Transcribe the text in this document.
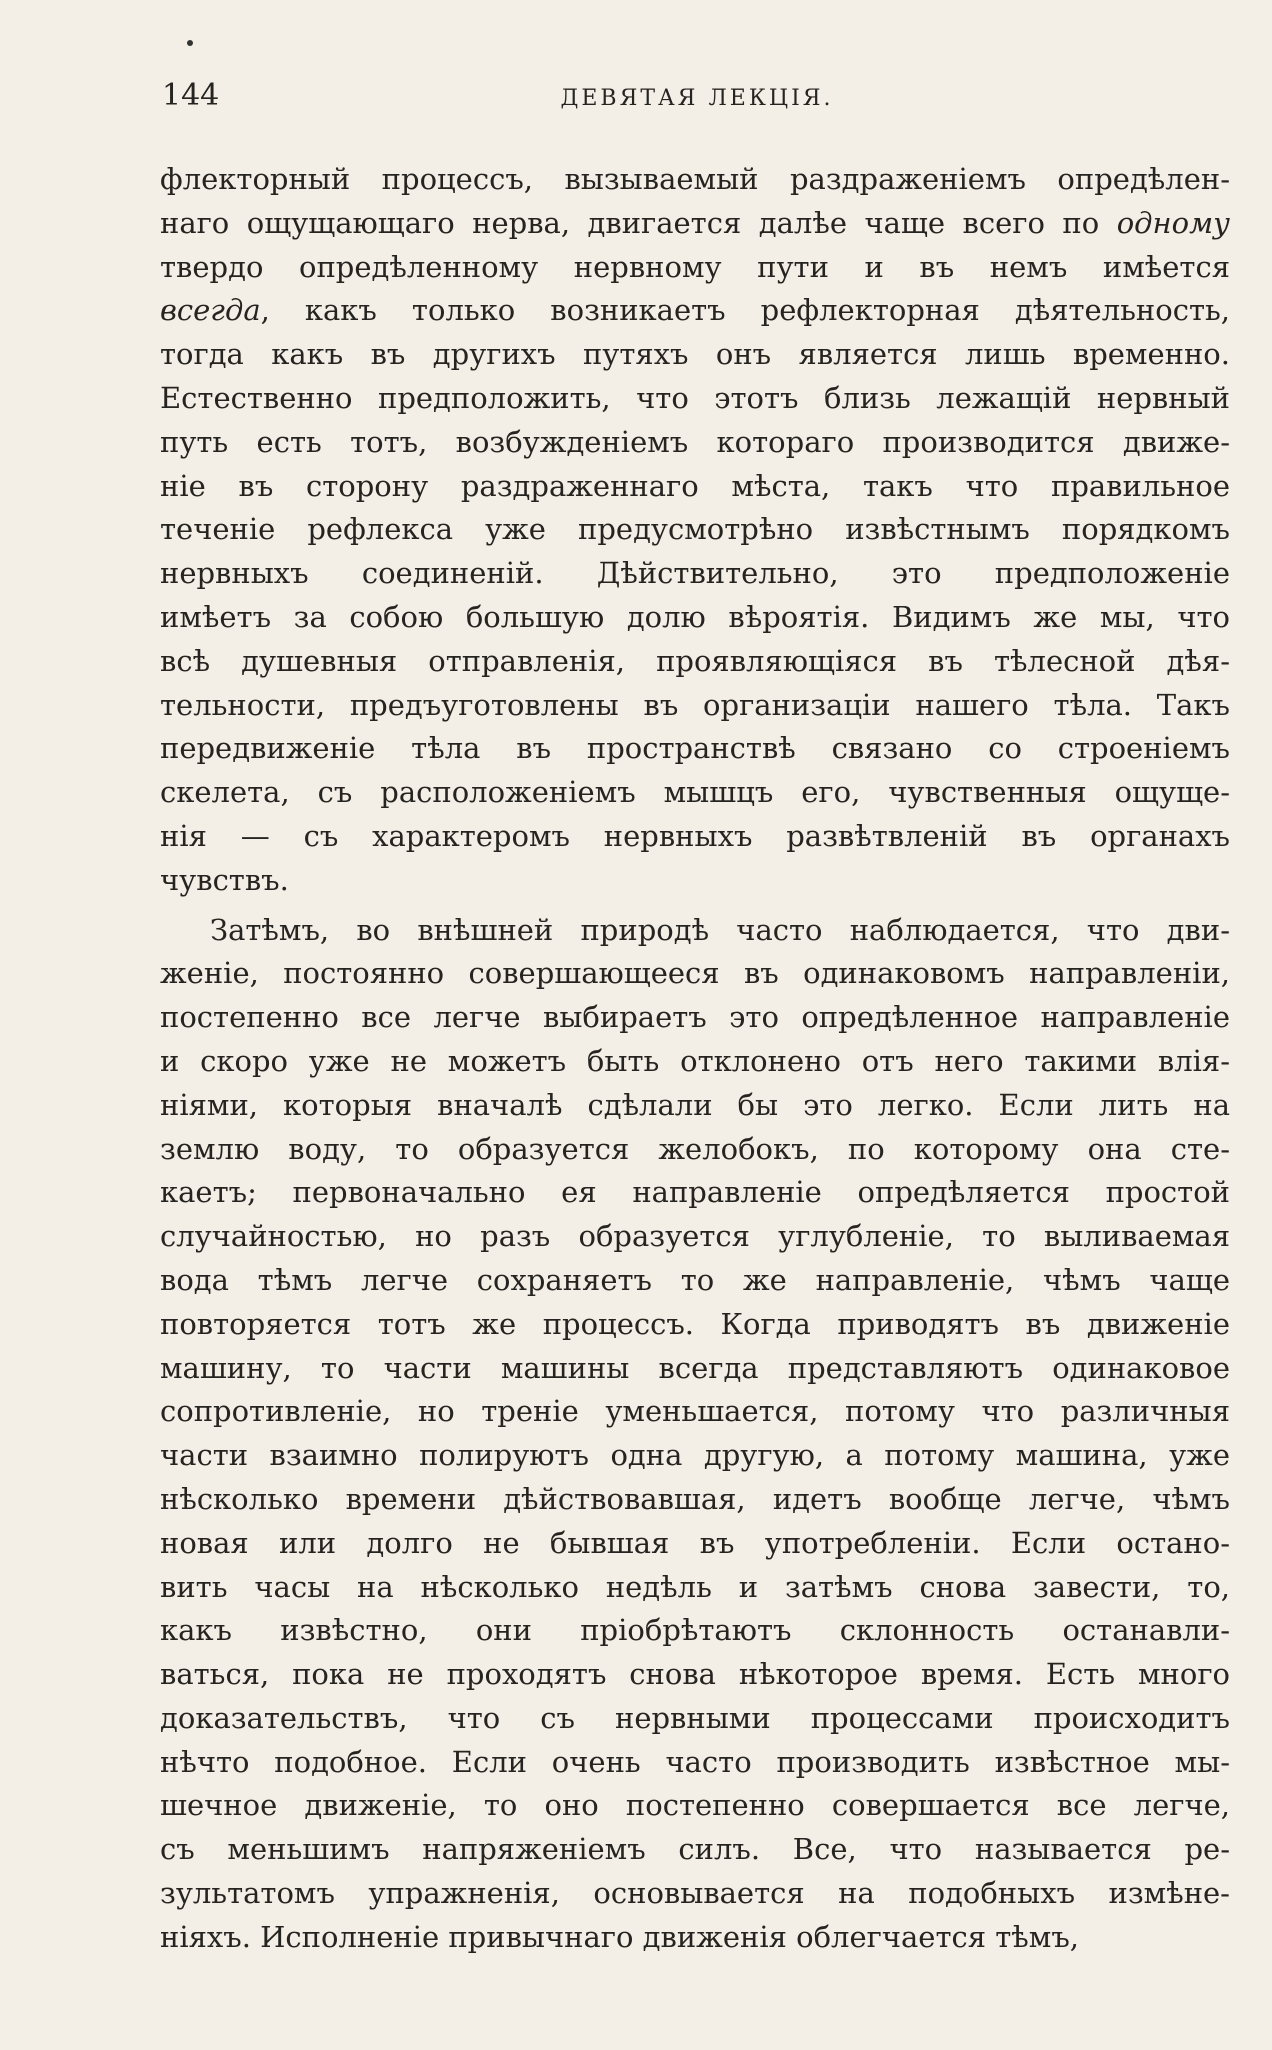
144	ДЕВЯТАЯ ЛЕКЦІЯ.
флекторный процессъ, вызываемый раздраженіемъ опредѣлен-
наго ощущающаго нерва, двигается далѣе чаще всего по одному
твердо опредѣленному нервному пути и въ немъ имѣется
всегда, какъ только возникаетъ рефлекторная дѣятельность,
тогда какъ въ другихъ путяхъ онъ является лишь временно.
Естественно предположить, что этотъ близь лежащій нервный
путь есть тотъ, возбужденіемъ котораго производится движе-
ніе въ сторону раздраженнаго мѣста, такъ что правильное
теченіе рефлекса уже предусмотрѣно извѣстнымъ порядкомъ
нервныхъ соединеній. Дѣйствительно, это предположеніе
имѣетъ за собою большую долю вѣроятія. Видимъ же мы, что
всѣ душевныя отправленія, проявляющіяся въ тѣлесной дѣя-
тельности, предъуготовлены въ организаціи нашего тѣла. Такъ
передвиженіе тѣла въ пространствѣ связано со строеніемъ
скелета, съ расположеніемъ мышцъ его, чувственныя ощуще-
нія — съ характеромъ нервныхъ развѣтвленій въ органахъ
чувствъ.
Затѣмъ, во внѣшней природѣ часто наблюдается, что дви-
женіе, постоянно совершающееся въ одинаковомъ направленіи,
постепенно все легче выбираетъ это опредѣленное направленіе
и скоро уже не можетъ быть отклонено отъ него такими влія-
ніями, которыя вначалѣ сдѣлали бы это легко. Если лить на
землю воду, то образуется желобокъ, по которому она сте-
каетъ; первоначально ея направленіе опредѣляется простой
случайностью, но разъ образуется углубленіе, то выливаемая
вода тѣмъ легче сохраняетъ то же направленіе, чѣмъ чаще
повторяется тотъ же процессъ. Когда приводятъ въ движеніе
машину, то части машины всегда представляютъ одинаковое
сопротивленіе, но треніе уменьшается, потому что различныя
части взаимно полируютъ одна другую, а потому машина, уже
нѣсколько времени дѣйствовавшая, идетъ вообще легче, чѣмъ
новая или долго не бывшая въ употребленіи. Если остано-
вить часы на нѣсколько недѣль и затѣмъ снова завести, то,
какъ извѣстно, они пріобрѣтаютъ склонность останавли-
ваться, пока не проходятъ снова нѣкоторое время. Есть много
доказательствъ, что съ нервными процессами происходитъ
нѣчто подобное. Если очень часто производить извѣстное мы-
шечное движеніе, то оно постепенно совершается все легче,
съ меньшимъ напряженіемъ силъ. Все, что называется ре-
зультатомъ упражненія, основывается на подобныхъ измѣне-
ніяхъ. Исполненіе привычнаго движенія облегчается тѣмъ,
